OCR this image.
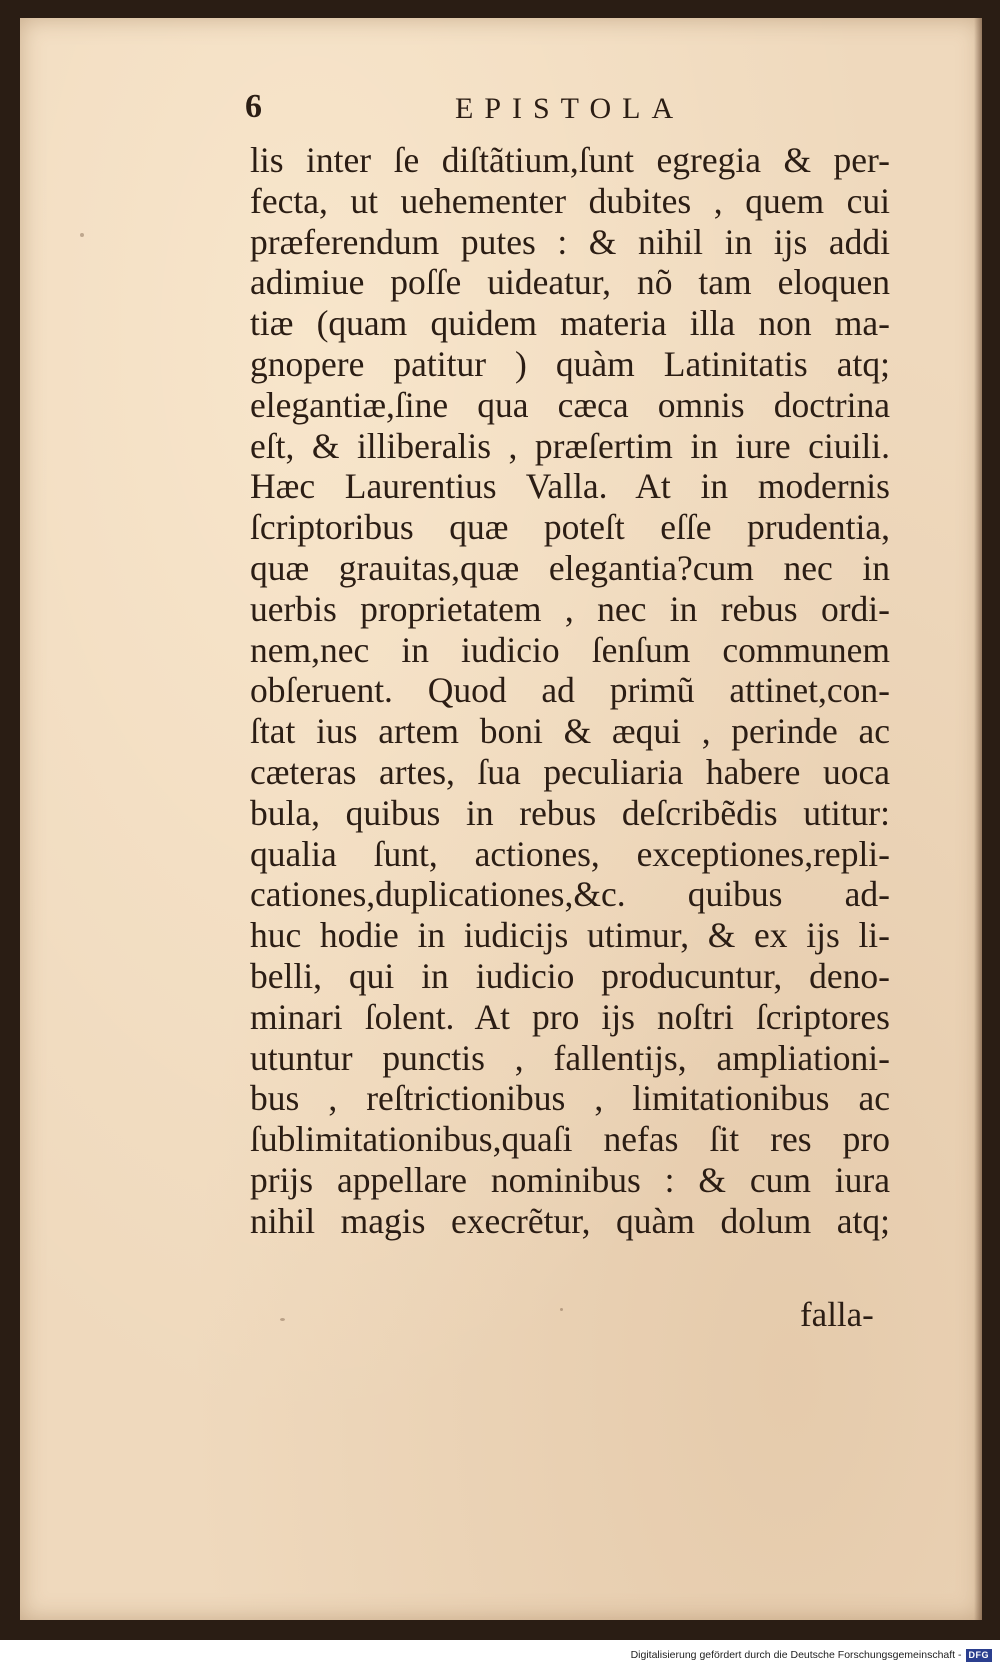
6	EPISTOLA
lis inter ſe diſtãtium,ſunt egregia & per-
fecta, ut uehementer dubites , quem cui
præferendum putes : & nihil in ijs addi
adimiue poſſe uideatur, nõ tam eloquen
tiæ (quam quidem materia illa non ma-
gnopere patitur ) quàm Latinitatis atq;
elegantiæ,ſine qua cæca omnis doctrina
eſt, & illiberalis , præſertim in iure ciuili.
Hæc Laurentius Valla. At in modernis
ſcriptoribus quæ poteſt eſſe prudentia,
quæ grauitas,quæ elegantia?cum nec in
uerbis proprietatem , nec in rebus ordi-
nem,nec in iudicio ſenſum communem
obſeruent. Quod ad primũ attinet,con-
ſtat ius artem boni & æqui , perinde ac
cæteras artes, ſua peculiaria habere uoca
bula, quibus in rebus deſcribẽdis utitur:
qualia ſunt, actiones, exceptiones,repli-
cationes,duplicationes,&c. quibus ad-
huc hodie in iudicijs utimur, & ex ijs li-
belli, qui in iudicio producuntur, deno-
minari ſolent. At pro ijs noſtri ſcriptores
utuntur punctis , fallentijs, ampliationi-
bus , reſtrictionibus , limitationibus ac
ſublimitationibus,quaſi nefas ſit res pro
prijs appellare nominibus : & cum iura
nihil magis execrẽtur, quàm dolum atq;
falla-
Digitalisierung gefördert durch die Deutsche Forschungsgemeinschaft - DFG
